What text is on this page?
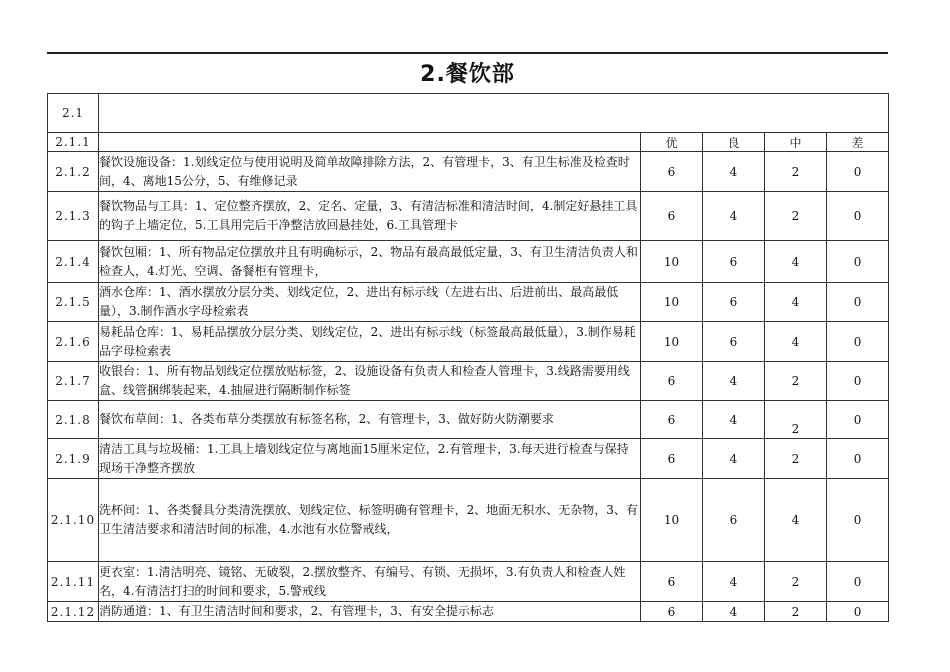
2.餐饮部
2.1					
2.1.1		优	良	中	差
2.1.2	餐饮设施设备：1.划线定位与使用说明及简单故障排除方法，2、有管理卡，3、有卫生标准及检查时间，4、离地15公分，5、有维修记录	6	4	2	0
2.1.3	餐饮物品与工具：1、定位整齐摆放，2、定名、定量，3、有清洁标准和清洁时间，4.制定好悬挂工具的钩子上墙定位，5.工具用完后干净整洁放回悬挂处，6.工具管理卡	6	4	2	0
2.1.4	餐饮包厢：1、所有物品定位摆放并且有明确标示，2、物品有最高最低定量，3、有卫生清洁负责人和检查人，4.灯光、空调、备餐柜有管理卡，	10	6	4	0
2.1.5	酒水仓库：1、酒水摆放分层分类、划线定位，2、进出有标示线（左进右出、后进前出、最高最低量），3.制作酒水字母检索表	10	6	4	0
2.1.6	易耗品仓库：1、易耗品摆放分层分类、划线定位，2、进出有标示线（标签最高最低量），3.制作易耗品字母检索表	10	6	4	0
2.1.7	收银台：1、所有物品划线定位摆放贴标签，2、设施设备有负责人和检查人管理卡，3.线路需要用线盒、线管捆绑装起来，4.抽屉进行隔断制作标签	6	4	2	0
2.1.8	餐饮布草间：1、各类布草分类摆放有标签名称，2、有管理卡，3、做好防火防潮要求	6	4	2	0
2.1.9	清洁工具与垃圾桶：1.工具上墙划线定位与离地面15厘米定位，2.有管理卡，3.每天进行检查与保持现场干净整齐摆放	6	4	2	0
2.1.10	洗杯间：1、各类餐具分类清洗摆放、划线定位、标签明确有管理卡，2、地面无积水、无杂物，3、有卫生清洁要求和清洁时间的标准，4.水池有水位警戒线，	10	6	4	0
2.1.11	更衣室：1.清洁明亮、镜铭、无破裂，2.摆放整齐、有编号、有锁、无损坏，3.有负责人和检查人姓名，4.有清洁打扫的时间和要求，5.警戒线	6	4	2	0
2.1.12	消防通道：1、有卫生清洁时间和要求，2、有管理卡，3、有安全提示标志	6	4	2	0
